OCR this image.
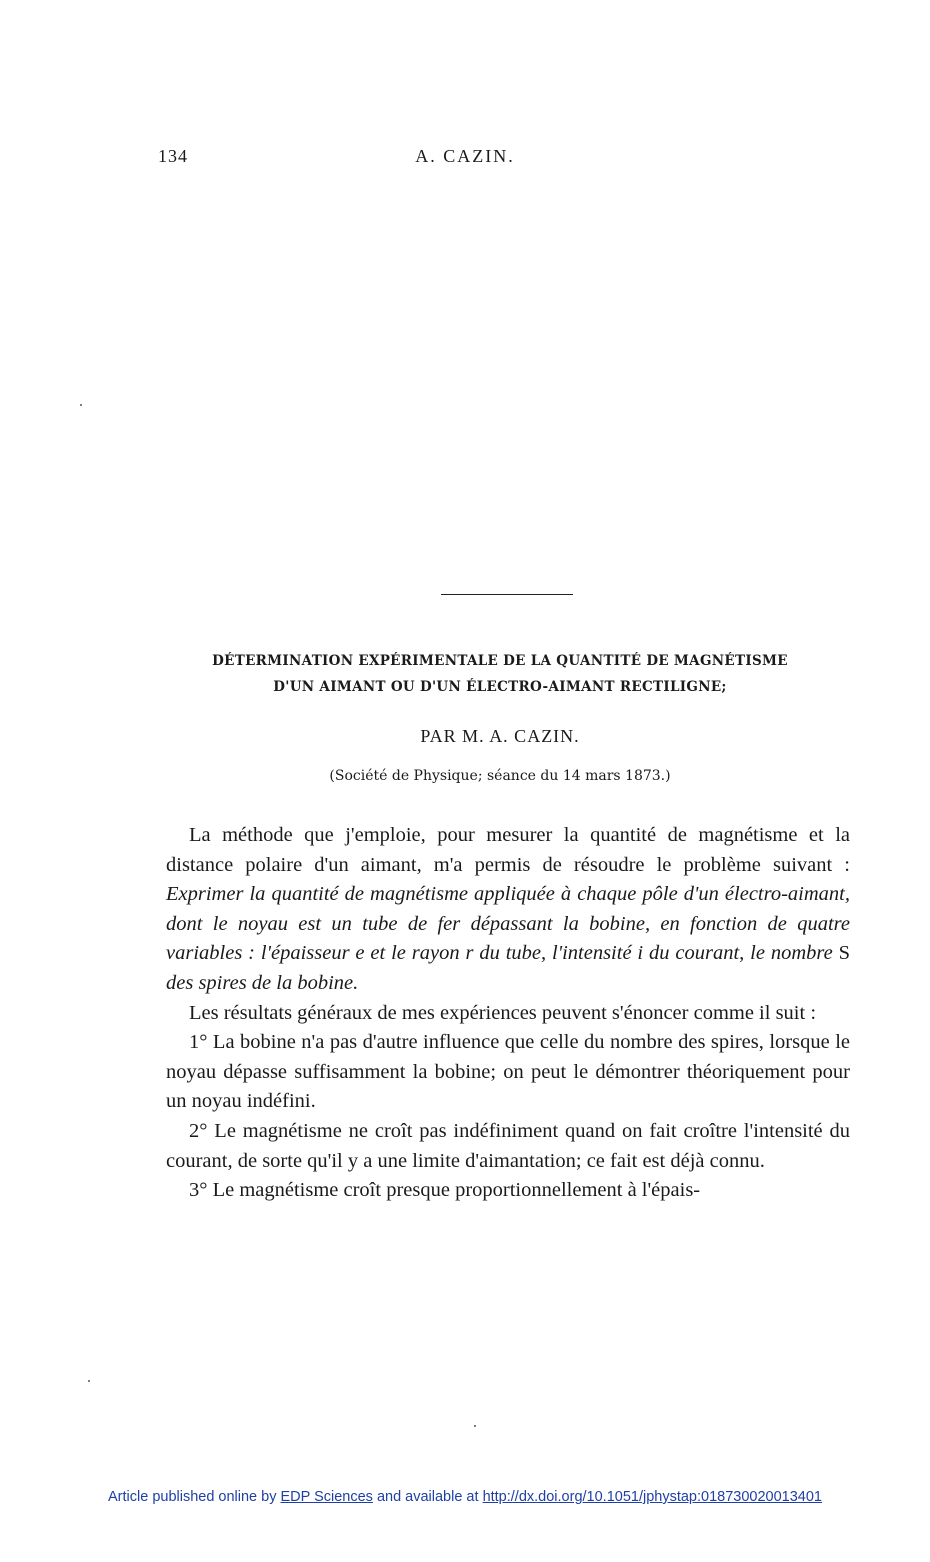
134	A. CAZIN.
DÉTERMINATION EXPÉRIMENTALE DE LA QUANTITÉ DE MAGNÉTISME
D'UN AIMANT OU D'UN ÉLECTRO-AIMANT RECTILIGNE;
PAR M. A. CAZIN.
(Société de Physique; séance du 14 mars 1873.)

La méthode que j'emploie, pour mesurer la quantité de magnétisme et la distance polaire d'un aimant, m'a permis de résoudre le problème suivant : Exprimer la quantité de magnétisme appliquée à chaque pôle d'un électro-aimant, dont le noyau est un tube de fer dépassant la bobine, en fonction de quatre variables : l'épaisseur e et le rayon r du tube, l'intensité i du courant, le nombre S des spires de la bobine.

Les résultats généraux de mes expériences peuvent s'énoncer comme il suit :

1° La bobine n'a pas d'autre influence que celle du nombre des spires, lorsque le noyau dépasse suffisamment la bobine; on peut le démontrer théoriquement pour un noyau indéfini.

2° Le magnétisme ne croît pas indéfiniment quand on fait croître l'intensité du courant, de sorte qu'il y a une limite d'aimantation; ce fait est déjà connu.

3° Le magnétisme croît presque proportionnellement à l'épais-

Article published online by EDP Sciences and available at http://dx.doi.org/10.1051/jphystap:018730020013401
